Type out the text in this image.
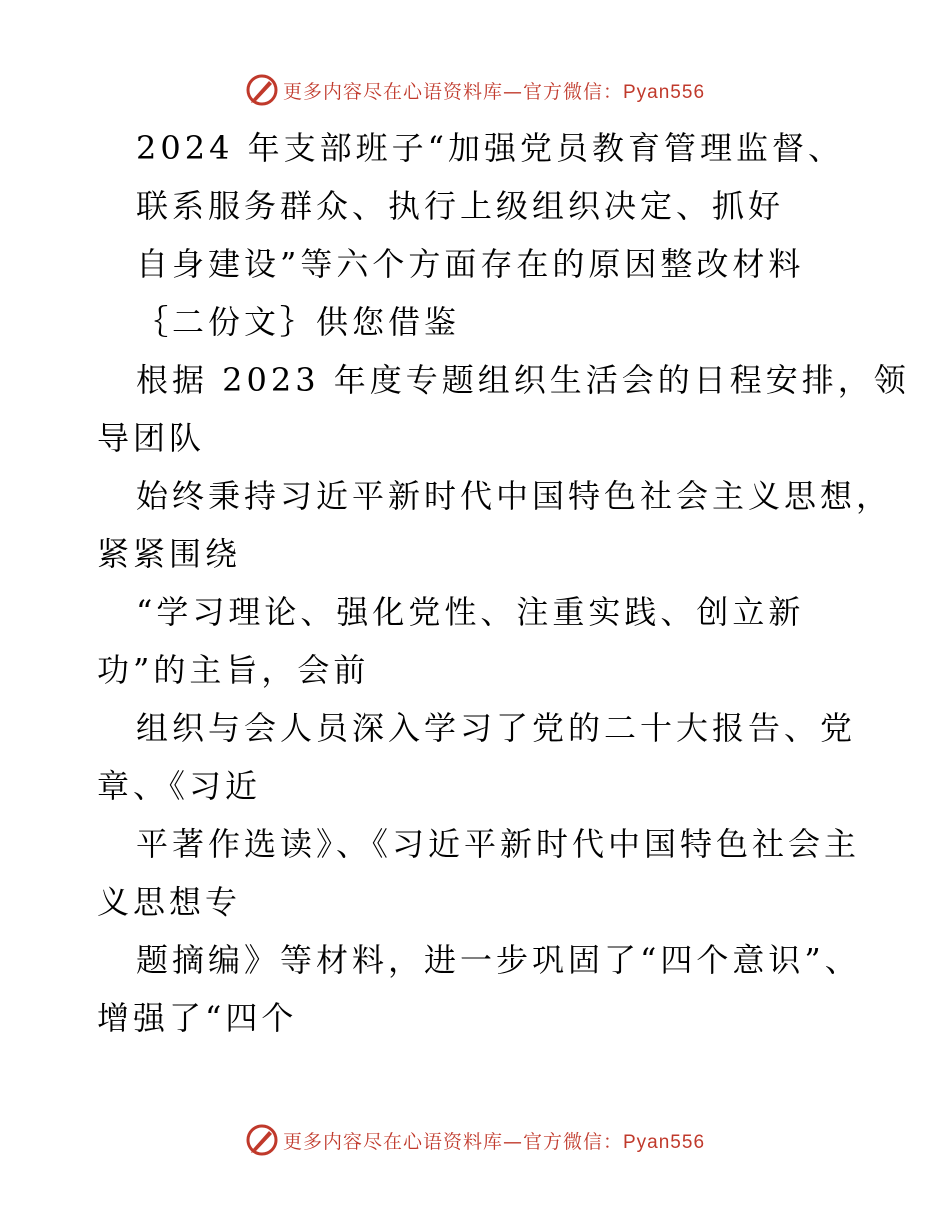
更多内容尽在心语资料库—官方微信：Pyan556
2024 年支部班子“加强党员教育管理监督、
联系服务群众、执行上级组织决定、抓好
自身建设”等六个方面存在的原因整改材料
｛二份文｝供您借鉴
根据 2023 年度专题组织生活会的日程安排，领
导团队
始终秉持习近平新时代中国特色社会主义思想，
紧紧围绕
“学习理论、强化党性、注重实践、创立新
功”的主旨，会前
组织与会人员深入学习了党的二十大报告、党
章、《习近
平著作选读》、《习近平新时代中国特色社会主
义思想专
题摘编》等材料，进一步巩固了“四个意识”、
增强了“四个
更多内容尽在心语资料库—官方微信：Pyan556
